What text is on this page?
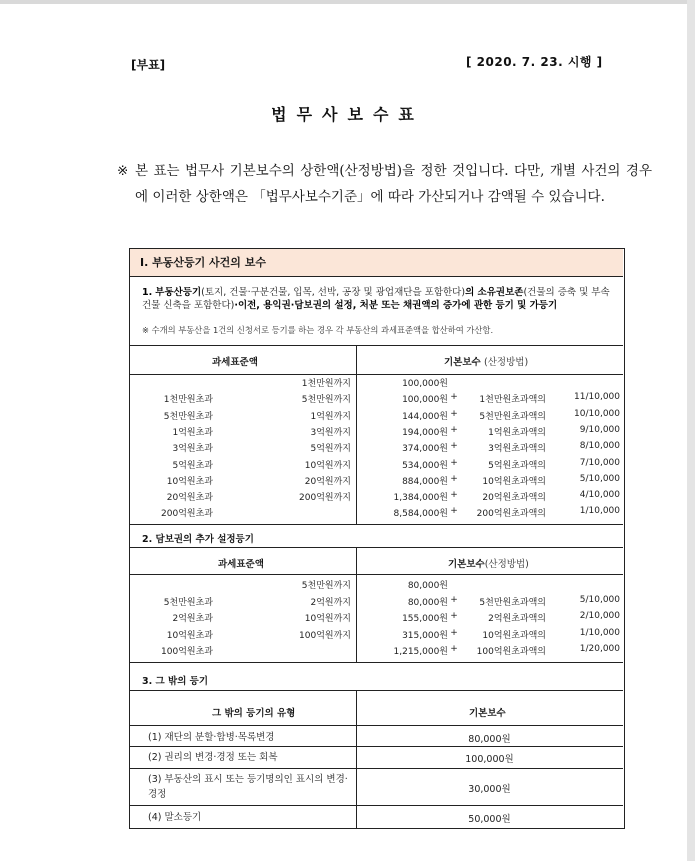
[부표]	[ 2020. 7. 23. 시행 ]
법무사보수표
※ 본 표는 법무사 기본보수의 상한액(산정방법)을 정한 것입니다. 다만, 개별 사건의 경우에 이러한 상한액은 「법무사보수기준」에 따라 가산되거나 감액될 수 있습니다.
Ⅰ. 부동산등기 사건의 보수
1. 부동산등기(토지, 건물·구분건물, 입목, 선박, 공장 및 광업재단을 포함한다)의 소유권보존(건물의 증축 및 부속건물 신축을 포함한다)·이전, 용익권·담보권의 설정, 처분 또는 채권액의 증가에 관한 등기 및 가등기
※ 수개의 부동산을 1건의 신청서로 등기를 하는 경우 각 부동산의 과세표준액을 합산하여 가산함.
과세표준액	기본보수 (산정방법)
1천만원까지	100,000원
1천만원초과	5천만원까지	100,000원 +	1천만원초과액의	11/10,000
5천만원초과	1억원까지	144,000원 +	5천만원초과액의	10/10,000
1억원초과	3억원까지	194,000원 +	1억원초과액의	9/10,000
3억원초과	5억원까지	374,000원 +	3억원초과액의	8/10,000
5억원초과	10억원까지	534,000원 +	5억원초과액의	7/10,000
10억원초과	20억원까지	884,000원 +	10억원초과액의	5/10,000
20억원초과	200억원까지	1,384,000원 +	20억원초과액의	4/10,000
200억원초과	8,584,000원 +	200억원초과액의	1/10,000
2. 담보권의 추가 설정등기
과세표준액	기본보수(산정방법)
5천만원까지	80,000원
5천만원초과	2억원까지	80,000원 +	5천만원초과액의	5/10,000
2억원초과	10억원까지	155,000원 +	2억원초과액의	2/10,000
10억원초과	100억원까지	315,000원 +	10억원초과액의	1/10,000
100억원초과	1,215,000원 +	100억원초과액의	1/20,000
3. 그 밖의 등기
그 밖의 등기의 유형	기본보수
(1) 재단의 분할·합병·목록변경	80,000원
(2) 권리의 변경·경정 또는 회복	100,000원
(3) 부동산의 표시 또는 등기명의인 표시의 변경·경정	30,000원
(4) 말소등기	50,000원
